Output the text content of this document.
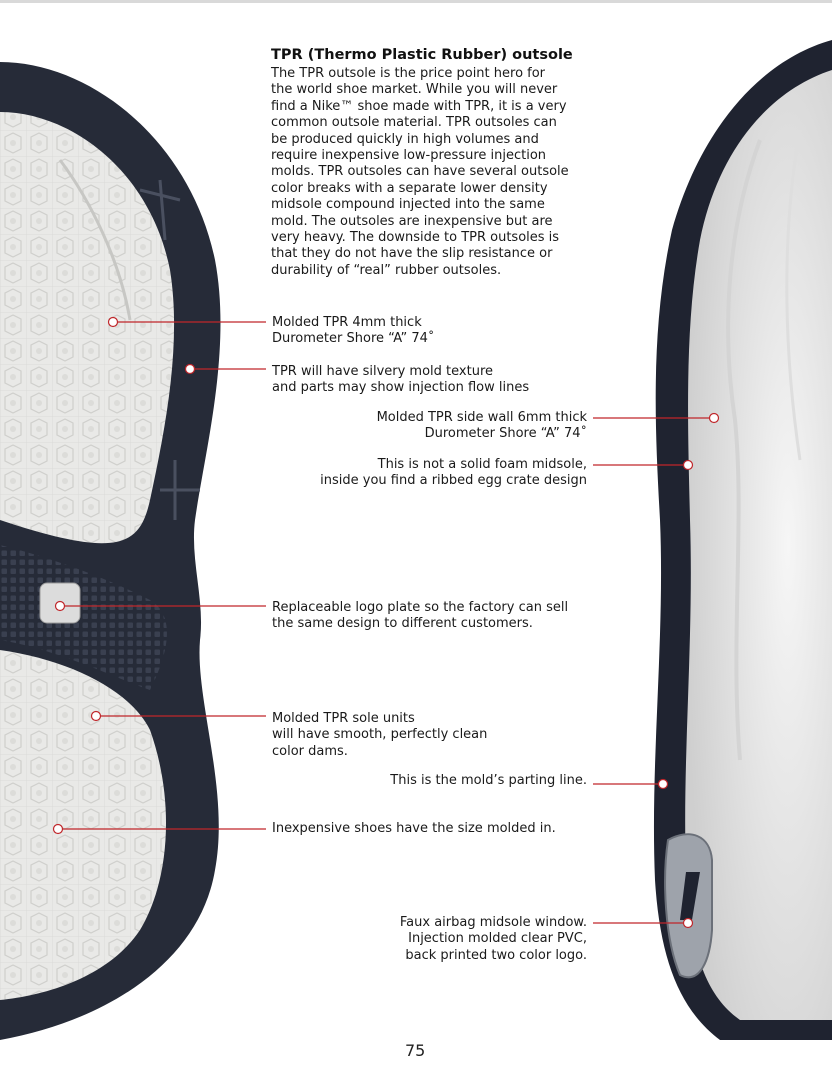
TPR (Thermo Plastic Rubber) outsole
The TPR outsole is the price point hero for
the world shoe market. While you will never
find a Nike™ shoe made with TPR, it is a very
common outsole material. TPR outsoles can
be produced quickly in high volumes and
require inexpensive low-pressure injection
molds. TPR outsoles can have several outsole
color breaks with a separate lower density
midsole compound injected into the same
mold. The outsoles are inexpensive but are
very heavy. The downside to TPR outsoles is
that they do not have the slip resistance or
durability of “real” rubber outsoles.
Molded TPR 4mm thick
Durometer Shore “A” 74˚
TPR will have silvery mold texture
and parts may show injection flow lines
Molded TPR side wall 6mm thick
Durometer Shore “A” 74˚
This is not a solid foam midsole,
inside you find a ribbed egg crate design
Replaceable logo plate so the factory can sell
the same design to different customers.
Molded TPR sole units
will have smooth, perfectly clean
color dams.
This is the mold’s parting line.
Inexpensive shoes have the size molded in.
Faux airbag midsole window.
Injection molded clear PVC,
back printed two color logo.
75
